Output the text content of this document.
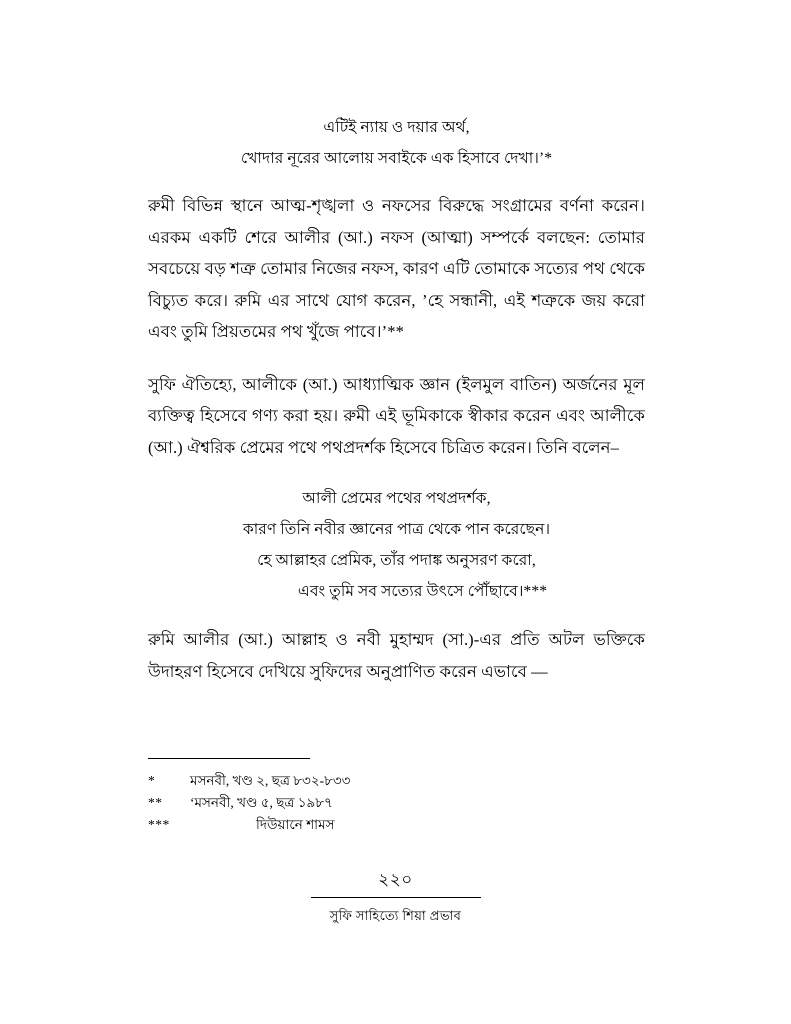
এটিই ন্যায় ও দয়ার অর্থ,
খোদার নূরের আলোয় সবাইকে এক হিসাবে দেখা।’*

রুমী বিভিন্ন স্থানে আত্ম-শৃঙ্খলা ও নফসের বিরুদ্ধে সংগ্রামের বর্ণনা করেন। এরকম একটি শেরে আলীর (আ.) নফস (আত্মা) সম্পর্কে বলছেন: তোমার সবচেয়ে বড় শত্রু তোমার নিজের নফস, কারণ এটি তোমাকে সত্যের পথ থেকে বিচ্যুত করে। রুমি এর সাথে যোগ করেন, ’হে সন্ধানী, এই শত্রুকে জয় করো এবং তুমি প্রিয়তমের পথ খুঁজে পাবে।’**

সুফি ঐতিহ্যে, আলীকে (আ.) আধ্যাত্মিক জ্ঞান (ইলমুল বাতিন) অর্জনের মূল ব্যক্তিত্ব হিসেবে গণ্য করা হয়। রুমী এই ভূমিকাকে স্বীকার করেন এবং আলীকে (আ.) ঐশ্বরিক প্রেমের পথে পথপ্রদর্শক হিসেবে চিত্রিত করেন। তিনি বলেন–

আলী প্রেমের পথের পথপ্রদর্শক,
কারণ তিনি নবীর জ্ঞানের পাত্র থেকে পান করেছেন।
হে আল্লাহর প্রেমিক, তাঁর পদাঙ্ক অনুসরণ করো,
এবং তুমি সব সত্যের উৎসে পৌঁছাবে।***

রুমি আলীর (আ.) আল্লাহ ও নবী মুহাম্মদ (সা.)-এর প্রতি অটল ভক্তিকে উদাহরণ হিসেবে দেখিয়ে সুফিদের অনুপ্রাণিত করেন এভাবে —

*	মসনবী, খণ্ড ২, ছত্র ৮৩২-৮৩৩
**	‘মসনবী, খণ্ড ৫, ছত্র ১৯৮৭
***	দিউয়ানে শামস
২২০
সুফি সাহিত্যে শিয়া প্রভাব
